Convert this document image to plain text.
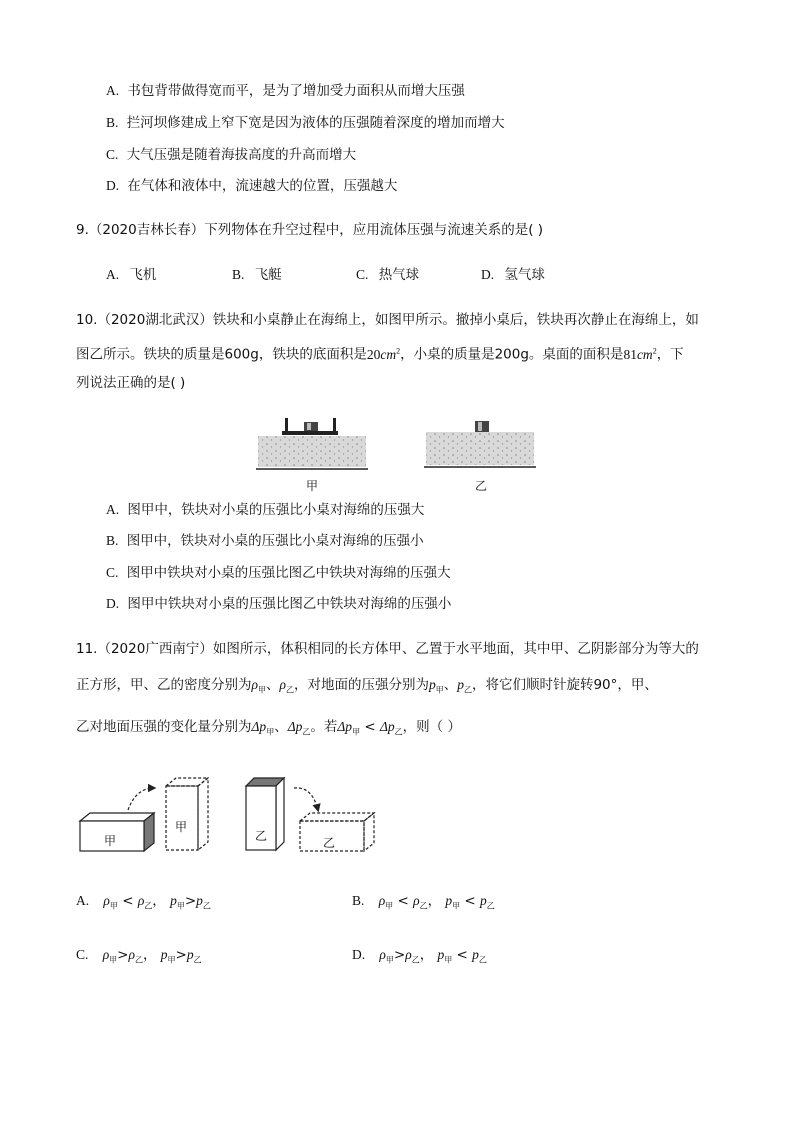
A. 书包背带做得宽而平，是为了增加受力面积从而增大压强
B. 拦河坝修建成上窄下宽是因为液体的压强随着深度的增加而增大
C. 大气压强是随着海拔高度的升高而增大
D. 在气体和液体中，流速越大的位置，压强越大
9.（2020吉林长春）下列物体在升空过程中，应用流体压强与流速关系的是( )
A. 飞机	B. 飞艇	C. 热气球	D. 氢气球
10.（2020湖北武汉）铁块和小桌静止在海绵上，如图甲所示。撤掉小桌后，铁块再次静止在海绵上，如
图乙所示。铁块的质量是600g，铁块的底面积是$20cm^2$，小桌的质量是200g。桌面的面积是$81cm^2$，下
列说法正确的是( )
甲	乙
A. 图甲中，铁块对小桌的压强比小桌对海绵的压强大
B. 图甲中，铁块对小桌的压强比小桌对海绵的压强小
C. 图甲中铁块对小桌的压强比图乙中铁块对海绵的压强大
D. 图甲中铁块对小桌的压强比图乙中铁块对海绵的压强小
11.（2020广西南宁）如图所示，体积相同的长方体甲、乙置于水平地面，其中甲、乙阴影部分为等大的
正方形，甲、乙的密度分别为$\rho_甲$、$\rho_乙$，对地面的压强分别为$p_甲$、$p_乙$，将它们顺时针旋转90°，甲、
乙对地面压强的变化量分别为$\Delta p_甲$、$\Delta p_乙$。若$\Delta p_甲 < \Delta p_乙$，则（ ）
甲
甲
乙	乙
A. $\rho_甲 < \rho_乙$， $p_甲>p_乙$	B. $\rho_甲 < \rho_乙$， $p_甲 < p_乙$
C. $\rho_甲>\rho_乙$， $p_甲>p_乙$	D. $\rho_甲>\rho_乙$， $p_甲 < p_乙$
